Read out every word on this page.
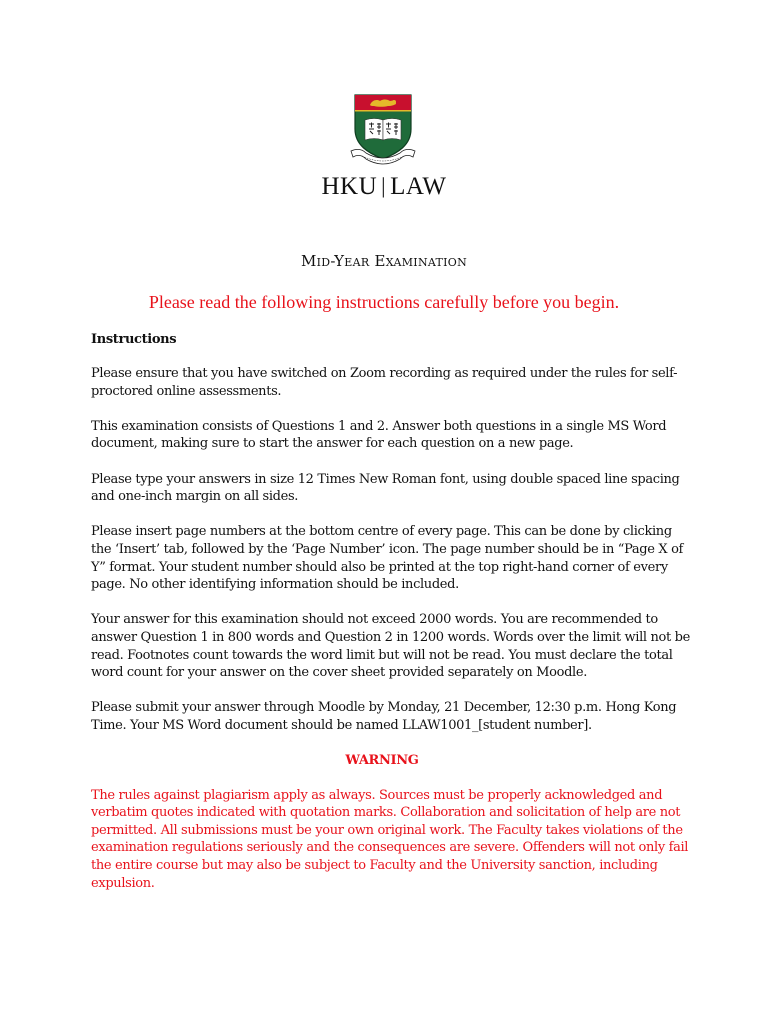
HKU | LAW
Mid-Year Examination
Please read the following instructions carefully before you begin.
Instructions

Please ensure that you have switched on Zoom recording as required under the rules for self-proctored online assessments.

This examination consists of Questions 1 and 2. Answer both questions in a single MS Word document, making sure to start the answer for each question on a new page.

Please type your answers in size 12 Times New Roman font, using double spaced line spacing and one-inch margin on all sides.

Please insert page numbers at the bottom centre of every page. This can be done by clicking the ‘Insert’ tab, followed by the ‘Page Number’ icon. The page number should be in “Page X of Y” format. Your student number should also be printed at the top right-hand corner of every page. No other identifying information should be included.

Your answer for this examination should not exceed 2000 words. You are recommended to answer Question 1 in 800 words and Question 2 in 1200 words. Words over the limit will not be read. Footnotes count towards the word limit but will not be read. You must declare the total word count for your answer on the cover sheet provided separately on Moodle.

Please submit your answer through Moodle by Monday, 21 December, 12:30 p.m. Hong Kong Time. Your MS Word document should be named LLAW1001_[student number].

WARNING
The rules against plagiarism apply as always. Sources must be properly acknowledged and verbatim quotes indicated with quotation marks. Collaboration and solicitation of help are not permitted. All submissions must be your own original work. The Faculty takes violations of the examination regulations seriously and the consequences are severe. Offenders will not only fail the entire course but may also be subject to Faculty and the University sanction, including expulsion.
